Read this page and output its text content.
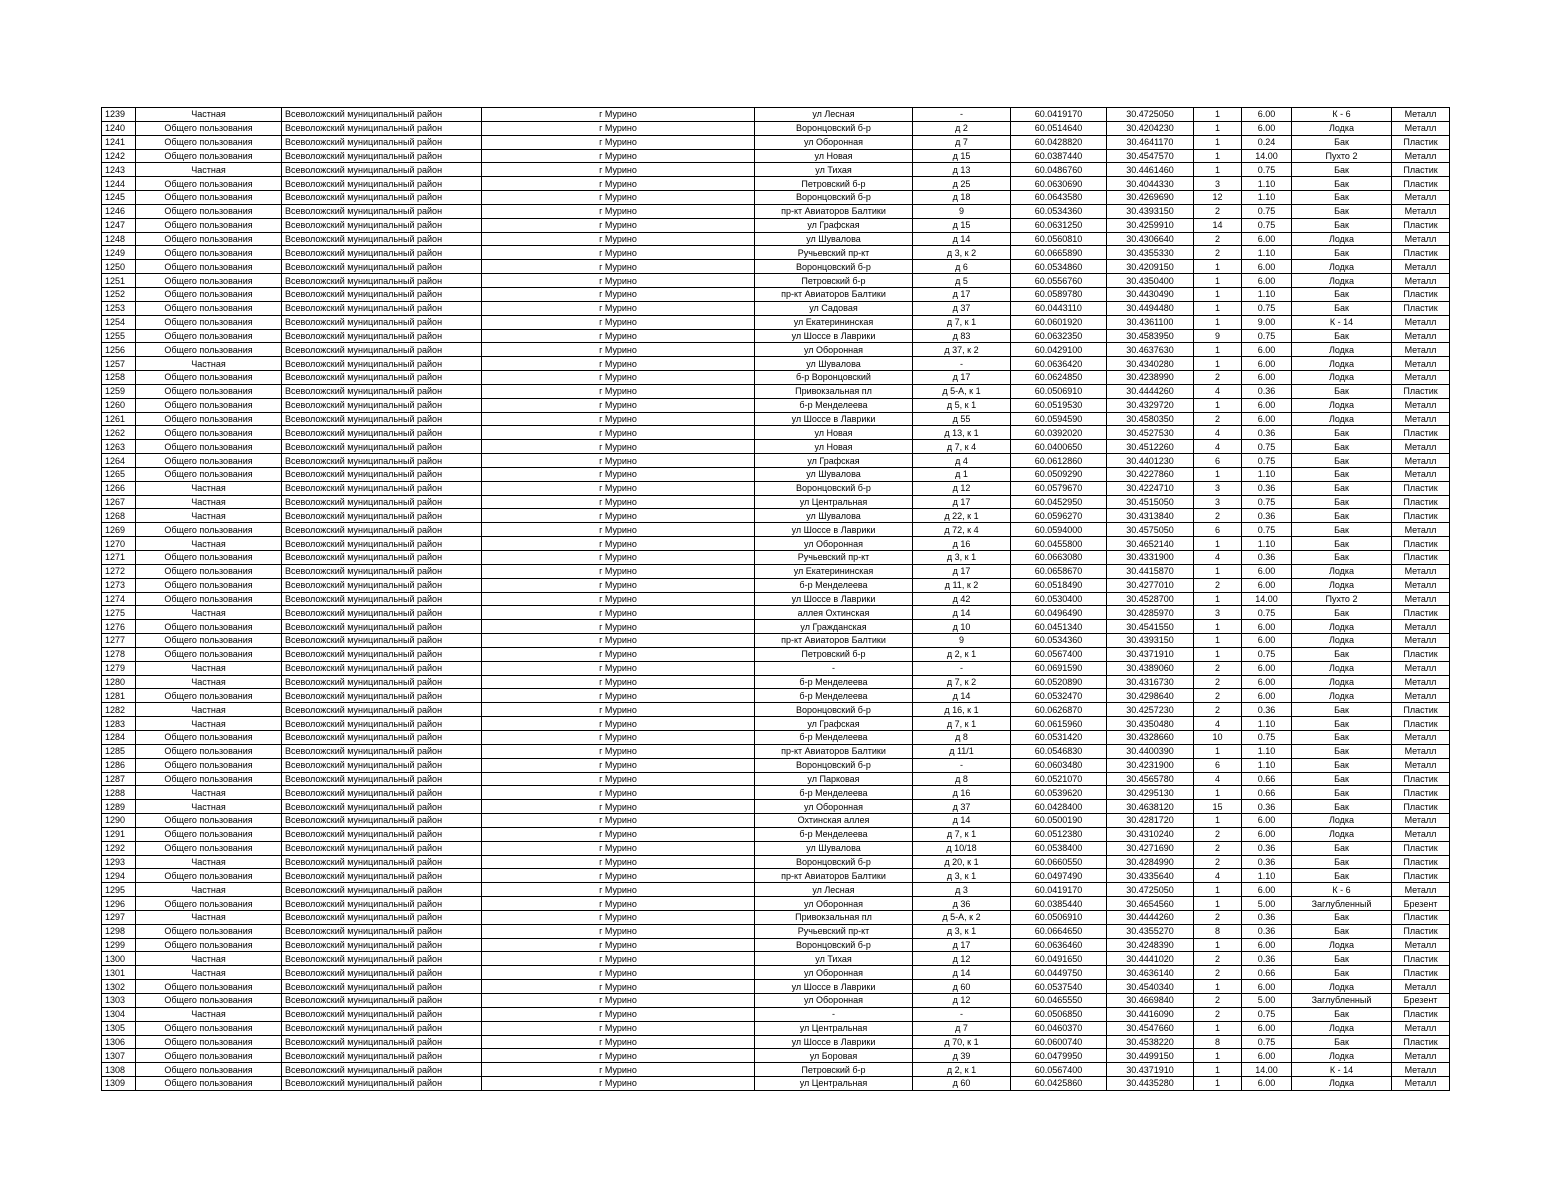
1239	Частная	Всеволожский муниципальный район	г Мурино	ул Лесная	-	60.0419170	30.4725050	1	6.00	К - 6	Металл
1240	Общего пользования	Всеволожский муниципальный район	г Мурино	Воронцовский б-р	д 2	60.0514640	30.4204230	1	6.00	Лодка	Металл
1241	Общего пользования	Всеволожский муниципальный район	г Мурино	ул Оборонная	д 7	60.0428820	30.4641170	1	0.24	Бак	Пластик
1242	Общего пользования	Всеволожский муниципальный район	г Мурино	ул Новая	д 15	60.0387440	30.4547570	1	14.00	Пухто 2	Металл
1243	Частная	Всеволожский муниципальный район	г Мурино	ул Тихая	д 13	60.0486760	30.4461460	1	0.75	Бак	Пластик
1244	Общего пользования	Всеволожский муниципальный район	г Мурино	Петровский б-р	д 25	60.0630690	30.4044330	3	1.10	Бак	Пластик
1245	Общего пользования	Всеволожский муниципальный район	г Мурино	Воронцовский б-р	д 18	60.0643580	30.4269690	12	1.10	Бак	Металл
1246	Общего пользования	Всеволожский муниципальный район	г Мурино	пр-кт Авиаторов Балтики	9	60.0534360	30.4393150	2	0.75	Бак	Металл
1247	Общего пользования	Всеволожский муниципальный район	г Мурино	ул Графская	д 15	60.0631250	30.4259910	14	0.75	Бак	Пластик
1248	Общего пользования	Всеволожский муниципальный район	г Мурино	ул Шувалова	д 14	60.0560810	30.4306640	2	6.00	Лодка	Металл
1249	Общего пользования	Всеволожский муниципальный район	г Мурино	Ручьевский пр-кт	д 3, к 2	60.0665890	30.4355330	2	1.10	Бак	Пластик
1250	Общего пользования	Всеволожский муниципальный район	г Мурино	Воронцовский б-р	д 6	60.0534860	30.4209150	1	6.00	Лодка	Металл
1251	Общего пользования	Всеволожский муниципальный район	г Мурино	Петровский б-р	д 5	60.0556760	30.4350400	1	6.00	Лодка	Металл
1252	Общего пользования	Всеволожский муниципальный район	г Мурино	пр-кт Авиаторов Балтики	д 17	60.0589780	30.4430490	1	1.10	Бак	Пластик
1253	Общего пользования	Всеволожский муниципальный район	г Мурино	ул Садовая	д 37	60.0443110	30.4494480	1	0.75	Бак	Пластик
1254	Общего пользования	Всеволожский муниципальный район	г Мурино	ул Екатерининская	д 7, к 1	60.0601920	30.4361100	1	9.00	К - 14	Металл
1255	Общего пользования	Всеволожский муниципальный район	г Мурино	ул Шоссе в Лаврики	д 83	60.0632350	30.4583950	9	0.75	Бак	Металл
1256	Общего пользования	Всеволожский муниципальный район	г Мурино	ул Оборонная	д 37, к 2	60.0429100	30.4637630	1	6.00	Лодка	Металл
1257	Частная	Всеволожский муниципальный район	г Мурино	ул Шувалова	-	60.0636420	30.4340280	1	6.00	Лодка	Металл
1258	Общего пользования	Всеволожский муниципальный район	г Мурино	б-р Воронцовский	д 17	60.0624850	30.4238990	2	6.00	Лодка	Металл
1259	Общего пользования	Всеволожский муниципальный район	г Мурино	Привокзальная пл	д 5-А, к 1	60.0506910	30.4444260	4	0.36	Бак	Пластик
1260	Общего пользования	Всеволожский муниципальный район	г Мурино	б-р Менделеева	д 5, к 1	60.0519530	30.4329720	1	6.00	Лодка	Металл
1261	Общего пользования	Всеволожский муниципальный район	г Мурино	ул Шоссе в Лаврики	д 55	60.0594590	30.4580350	2	6.00	Лодка	Металл
1262	Общего пользования	Всеволожский муниципальный район	г Мурино	ул Новая	д 13, к 1	60.0392020	30.4527530	4	0.36	Бак	Пластик
1263	Общего пользования	Всеволожский муниципальный район	г Мурино	ул Новая	д 7, к 4	60.0400650	30.4512260	4	0.75	Бак	Металл
1264	Общего пользования	Всеволожский муниципальный район	г Мурино	ул Графская	д 4	60.0612860	30.4401230	6	0.75	Бак	Металл
1265	Общего пользования	Всеволожский муниципальный район	г Мурино	ул Шувалова	д 1	60.0509290	30.4227860	1	1.10	Бак	Металл
1266	Частная	Всеволожский муниципальный район	г Мурино	Воронцовский б-р	д 12	60.0579670	30.4224710	3	0.36	Бак	Пластик
1267	Частная	Всеволожский муниципальный район	г Мурино	ул Центральная	д 17	60.0452950	30.4515050	3	0.75	Бак	Пластик
1268	Частная	Всеволожский муниципальный район	г Мурино	ул Шувалова	д 22, к 1	60.0596270	30.4313840	2	0.36	Бак	Пластик
1269	Общего пользования	Всеволожский муниципальный район	г Мурино	ул Шоссе в Лаврики	д 72, к 4	60.0594000	30.4575050	6	0.75	Бак	Металл
1270	Частная	Всеволожский муниципальный район	г Мурино	ул Оборонная	д 16	60.0455800	30.4652140	1	1.10	Бак	Пластик
1271	Общего пользования	Всеволожский муниципальный район	г Мурино	Ручьевский пр-кт	д 3, к 1	60.0663080	30.4331900	4	0.36	Бак	Пластик
1272	Общего пользования	Всеволожский муниципальный район	г Мурино	ул Екатерининская	д 17	60.0658670	30.4415870	1	6.00	Лодка	Металл
1273	Общего пользования	Всеволожский муниципальный район	г Мурино	б-р Менделеева	д 11, к 2	60.0518490	30.4277010	2	6.00	Лодка	Металл
1274	Общего пользования	Всеволожский муниципальный район	г Мурино	ул Шоссе в Лаврики	д 42	60.0530400	30.4528700	1	14.00	Пухто 2	Металл
1275	Частная	Всеволожский муниципальный район	г Мурино	аллея Охтинская	д 14	60.0496490	30.4285970	3	0.75	Бак	Пластик
1276	Общего пользования	Всеволожский муниципальный район	г Мурино	ул Гражданская	д 10	60.0451340	30.4541550	1	6.00	Лодка	Металл
1277	Общего пользования	Всеволожский муниципальный район	г Мурино	пр-кт Авиаторов Балтики	9	60.0534360	30.4393150	1	6.00	Лодка	Металл
1278	Общего пользования	Всеволожский муниципальный район	г Мурино	Петровский б-р	д 2, к 1	60.0567400	30.4371910	1	0.75	Бак	Пластик
1279	Частная	Всеволожский муниципальный район	г Мурино	-	-	60.0691590	30.4389060	2	6.00	Лодка	Металл
1280	Частная	Всеволожский муниципальный район	г Мурино	б-р Менделеева	д 7, к 2	60.0520890	30.4316730	2	6.00	Лодка	Металл
1281	Общего пользования	Всеволожский муниципальный район	г Мурино	б-р Менделеева	д 14	60.0532470	30.4298640	2	6.00	Лодка	Металл
1282	Частная	Всеволожский муниципальный район	г Мурино	Воронцовский б-р	д 16, к 1	60.0626870	30.4257230	2	0.36	Бак	Пластик
1283	Частная	Всеволожский муниципальный район	г Мурино	ул Графская	д 7, к 1	60.0615960	30.4350480	4	1.10	Бак	Пластик
1284	Общего пользования	Всеволожский муниципальный район	г Мурино	б-р Менделеева	д 8	60.0531420	30.4328660	10	0.75	Бак	Металл
1285	Общего пользования	Всеволожский муниципальный район	г Мурино	пр-кт Авиаторов Балтики	д 11/1	60.0546830	30.4400390	1	1.10	Бак	Металл
1286	Общего пользования	Всеволожский муниципальный район	г Мурино	Воронцовский б-р	-	60.0603480	30.4231900	6	1.10	Бак	Металл
1287	Общего пользования	Всеволожский муниципальный район	г Мурино	ул Парковая	д 8	60.0521070	30.4565780	4	0.66	Бак	Пластик
1288	Частная	Всеволожский муниципальный район	г Мурино	б-р Менделеева	д 16	60.0539620	30.4295130	1	0.66	Бак	Пластик
1289	Частная	Всеволожский муниципальный район	г Мурино	ул Оборонная	д 37	60.0428400	30.4638120	15	0.36	Бак	Пластик
1290	Общего пользования	Всеволожский муниципальный район	г Мурино	Охтинская аллея	д 14	60.0500190	30.4281720	1	6.00	Лодка	Металл
1291	Общего пользования	Всеволожский муниципальный район	г Мурино	б-р Менделеева	д 7, к 1	60.0512380	30.4310240	2	6.00	Лодка	Металл
1292	Общего пользования	Всеволожский муниципальный район	г Мурино	ул Шувалова	д 10/18	60.0538400	30.4271690	2	0.36	Бак	Пластик
1293	Частная	Всеволожский муниципальный район	г Мурино	Воронцовский б-р	д 20, к 1	60.0660550	30.4284990	2	0.36	Бак	Пластик
1294	Общего пользования	Всеволожский муниципальный район	г Мурино	пр-кт Авиаторов Балтики	д 3, к 1	60.0497490	30.4335640	4	1.10	Бак	Пластик
1295	Частная	Всеволожский муниципальный район	г Мурино	ул Лесная	д 3	60.0419170	30.4725050	1	6.00	К - 6	Металл
1296	Общего пользования	Всеволожский муниципальный район	г Мурино	ул Оборонная	д 36	60.0385440	30.4654560	1	5.00	Заглубленный	Брезент
1297	Частная	Всеволожский муниципальный район	г Мурино	Привокзальная пл	д 5-А, к 2	60.0506910	30.4444260	2	0.36	Бак	Пластик
1298	Общего пользования	Всеволожский муниципальный район	г Мурино	Ручьевский пр-кт	д 3, к 1	60.0664650	30.4355270	8	0.36	Бак	Пластик
1299	Общего пользования	Всеволожский муниципальный район	г Мурино	Воронцовский б-р	д 17	60.0636460	30.4248390	1	6.00	Лодка	Металл
1300	Частная	Всеволожский муниципальный район	г Мурино	ул Тихая	д 12	60.0491650	30.4441020	2	0.36	Бак	Пластик
1301	Частная	Всеволожский муниципальный район	г Мурино	ул Оборонная	д 14	60.0449750	30.4636140	2	0.66	Бак	Пластик
1302	Общего пользования	Всеволожский муниципальный район	г Мурино	ул Шоссе в Лаврики	д 60	60.0537540	30.4540340	1	6.00	Лодка	Металл
1303	Общего пользования	Всеволожский муниципальный район	г Мурино	ул Оборонная	д 12	60.0465550	30.4669840	2	5.00	Заглубленный	Брезент
1304	Частная	Всеволожский муниципальный район	г Мурино	-	-	60.0506850	30.4416090	2	0.75	Бак	Пластик
1305	Общего пользования	Всеволожский муниципальный район	г Мурино	ул Центральная	д 7	60.0460370	30.4547660	1	6.00	Лодка	Металл
1306	Общего пользования	Всеволожский муниципальный район	г Мурино	ул Шоссе в Лаврики	д 70, к 1	60.0600740	30.4538220	8	0.75	Бак	Пластик
1307	Общего пользования	Всеволожский муниципальный район	г Мурино	ул Боровая	д 39	60.0479950	30.4499150	1	6.00	Лодка	Металл
1308	Общего пользования	Всеволожский муниципальный район	г Мурино	Петровский б-р	д 2, к 1	60.0567400	30.4371910	1	14.00	К - 14	Металл
1309	Общего пользования	Всеволожский муниципальный район	г Мурино	ул Центральная	д 60	60.0425860	30.4435280	1	6.00	Лодка	Металл
